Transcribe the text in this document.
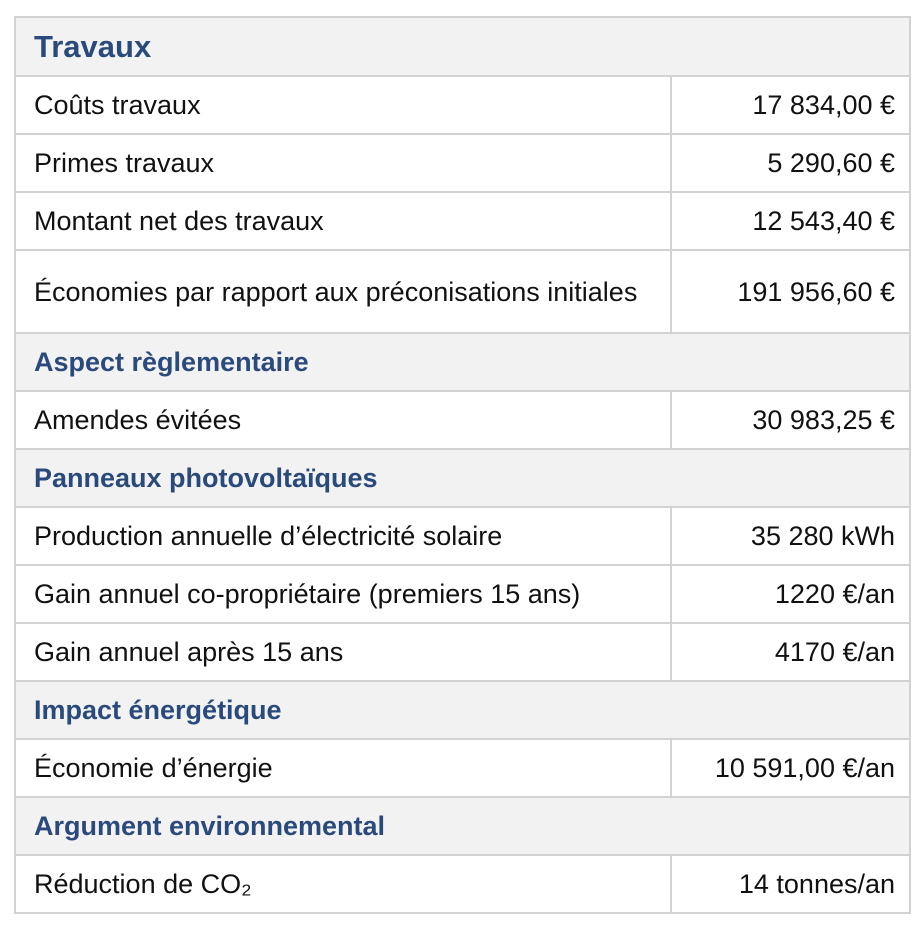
Travaux	
Coûts travaux	17 834,00 €
Primes travaux	5 290,60 €
Montant net des travaux	12 543,40 €
Économies par rapport aux préconisations initiales	191 956,60 €
Aspect règlementaire	
Amendes évitées	30 983,25 €
Panneaux photovoltaïques	
Production annuelle d’électricité solaire	35 280 kWh
Gain annuel co-propriétaire (premiers 15 ans)	1220 €/an
Gain annuel après 15 ans	4170 €/an
Impact énergétique	
Économie d’énergie	10 591,00 €/an
Argument environnemental	
Réduction de CO₂	14 tonnes/an
